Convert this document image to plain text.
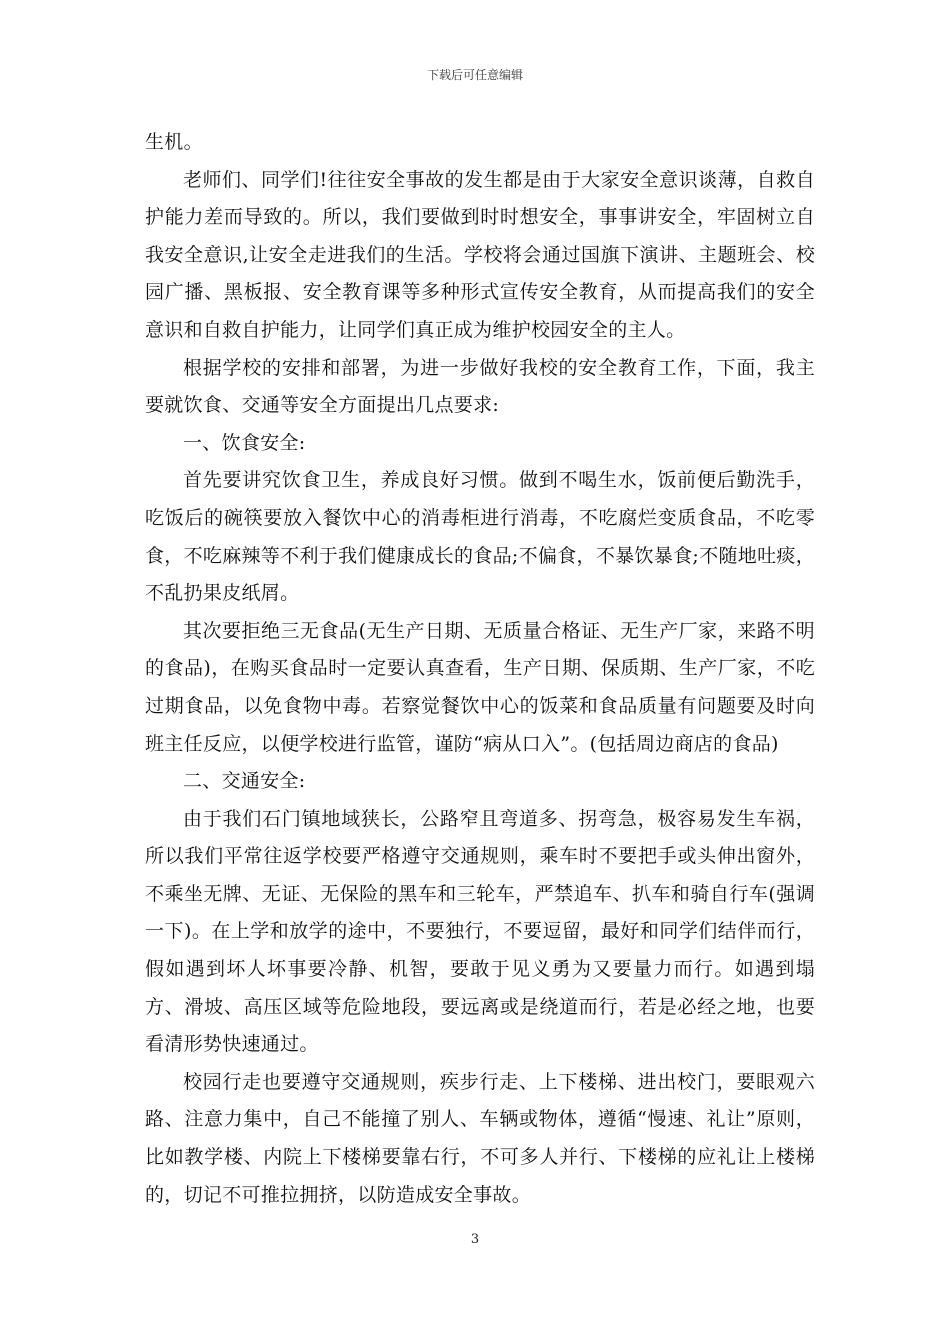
下载后可任意编辑

生机。

老师们、同学们!往往安全事故的发生都是由于大家安全意识谈薄，自救自护能力差而导致的。所以，我们要做到时时想安全，事事讲安全，牢固树立自我安全意识,让安全走进我们的生活。学校将会通过国旗下演讲、主题班会、校园广播、黑板报、安全教育课等多种形式宣传安全教育，从而提高我们的安全意识和自救自护能力，让同学们真正成为维护校园安全的主人。

根据学校的安排和部署，为进一步做好我校的安全教育工作，下面，我主要就饮食、交通等安全方面提出几点要求:

一、饮食安全:

首先要讲究饮食卫生，养成良好习惯。做到不喝生水，饭前便后勤洗手，吃饭后的碗筷要放入餐饮中心的消毒柜进行消毒，不吃腐烂变质食品，不吃零食，不吃麻辣等不利于我们健康成长的食品;不偏食，不暴饮暴食;不随地吐痰，不乱扔果皮纸屑。

其次要拒绝三无食品(无生产日期、无质量合格证、无生产厂家，来路不明的食品)，在购买食品时一定要认真查看，生产日期、保质期、生产厂家，不吃过期食品，以免食物中毒。若察觉餐饮中心的饭菜和食品质量有问题要及时向班主任反应，以便学校进行监管，谨防“病从口入”。(包括周边商店的食品)

二、交通安全:

由于我们石门镇地域狭长，公路窄且弯道多、拐弯急，极容易发生车祸，所以我们平常往返学校要严格遵守交通规则，乘车时不要把手或头伸出窗外，不乘坐无牌、无证、无保险的黑车和三轮车，严禁追车、扒车和骑自行车(强调一下)。在上学和放学的途中，不要独行，不要逗留，最好和同学们结伴而行，假如遇到坏人坏事要冷静、机智，要敢于见义勇为又要量力而行。如遇到塌方、滑坡、高压区域等危险地段，要远离或是绕道而行，若是必经之地，也要看清形势快速通过。

校园行走也要遵守交通规则，疾步行走、上下楼梯、进出校门，要眼观六路、注意力集中，自己不能撞了别人、车辆或物体，遵循“慢速、礼让”原则，比如教学楼、内院上下楼梯要靠右行，不可多人并行、下楼梯的应礼让上楼梯的，切记不可推拉拥挤，以防造成安全事故。

3
